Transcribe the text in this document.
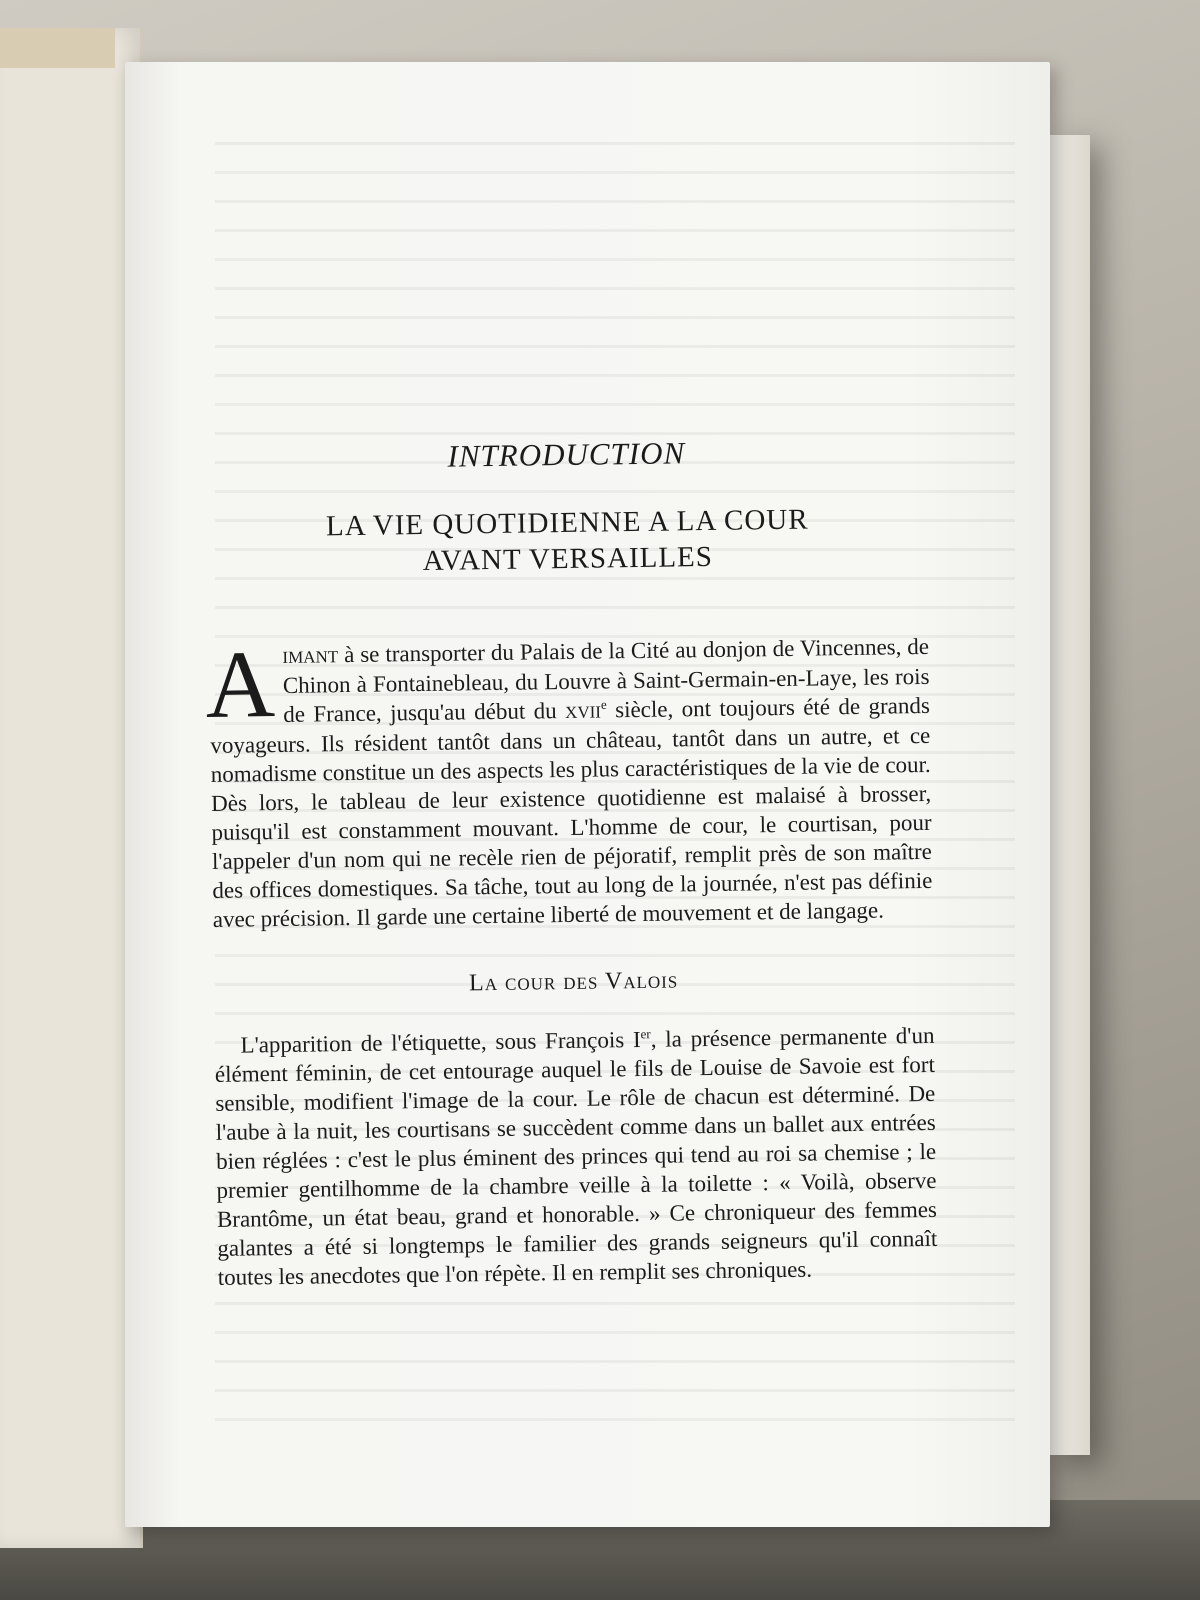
INTRODUCTION
LA VIE QUOTIDIENNE A LA COUR
AVANT VERSAILLES

Aimant à se transporter du Palais de la Cité au donjon de Vincennes, de Chinon à Fontainebleau, du Louvre à Saint-Germain-en-Laye, les rois de France, jusqu'au début du xvii$^e$ siècle, ont toujours été de grands voyageurs. Ils résident tantôt dans un château, tantôt dans un autre, et ce nomadisme constitue un des aspects les plus caractéristiques de la vie de cour. Dès lors, le tableau de leur existence quotidienne est malaisé à brosser, puisqu'il est constamment mouvant. L'homme de cour, le courtisan, pour l'appeler d'un nom qui ne recèle rien de péjoratif, remplit près de son maître des offices domestiques. Sa tâche, tout au long de la journée, n'est pas définie avec précision. Il garde une certaine liberté de mouvement et de langage.

La cour des Valois

L'apparition de l'étiquette, sous François Ier, la présence permanente d'un élément féminin, de cet entourage auquel le fils de Louise de Savoie est fort sensible, modifient l'image de la cour. Le rôle de chacun est déterminé. De l'aube à la nuit, les courtisans se succèdent comme dans un ballet aux entrées bien réglées : c'est le plus éminent des princes qui tend au roi sa chemise ; le premier gentilhomme de la chambre veille à la toilette : « Voilà, observe Brantôme, un état beau, grand et honorable. » Ce chroniqueur des femmes galantes a été si longtemps le familier des grands seigneurs qu'il connaît toutes les anecdotes que l'on répète. Il en remplit ses chroniques.
